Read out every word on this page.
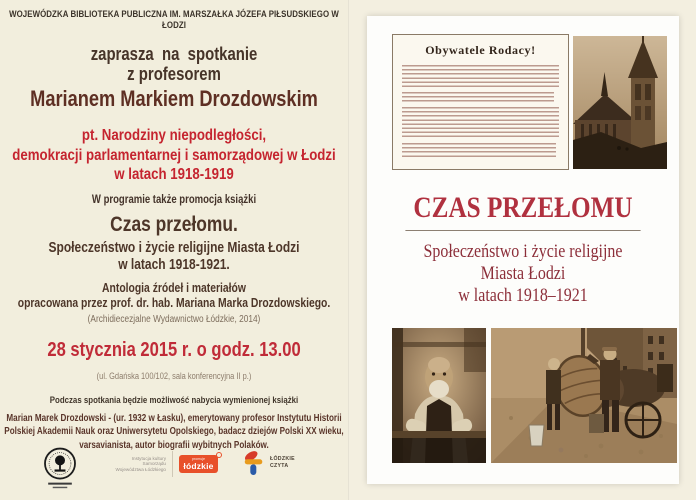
WOJEWÓDZKA BIBLIOTEKA PUBLICZNA IM. MARSZAŁKA JÓZEFA PIŁSUDSKIEGO W ŁODZI
zaprasza na spotkanie
z profesorem
Marianem Markiem Drozdowskim
pt. Narodziny niepodległości,
demokracji parlamentarnej i samorządowej w Łodzi
w latach 1918-1919
W programie także promocja książki
Czas przełomu.
Społeczeństwo i życie religijne Miasta Łodzi
w latach 1918-1921.
Antologia źródeł i materiałów
opracowana przez prof. dr. hab. Mariana Marka Drozdowskiego.
(Archidiecezjalne Wydawnictwo Łódzkie, 2014)
28 stycznia 2015 r. o godz. 13.00
(ul. Gdańska 100/102, sala konferencyjna II p.)
Podczas spotkania będzie możliwość nabycia wymienionej książki
Marian Marek Drozdowski - (ur. 1932 w Łasku), emerytowany profesor Instytutu Historii Polskiej Akademii Nauk oraz Uniwersytetu Opolskiego, badacz dziejów Polski XX wieku, varsavianista, autor biografii wybitnych Polaków.
Instytucja kultury
Samorządu
Województwa Łódzkiego
promuje
łódzkie
ŁÓDZKIE
CZYTA
Obywatele Rodacy!
CZAS PRZEŁOMU
Społeczeństwo i życie religijne
Miasta Łodzi
w latach 1918–1921
